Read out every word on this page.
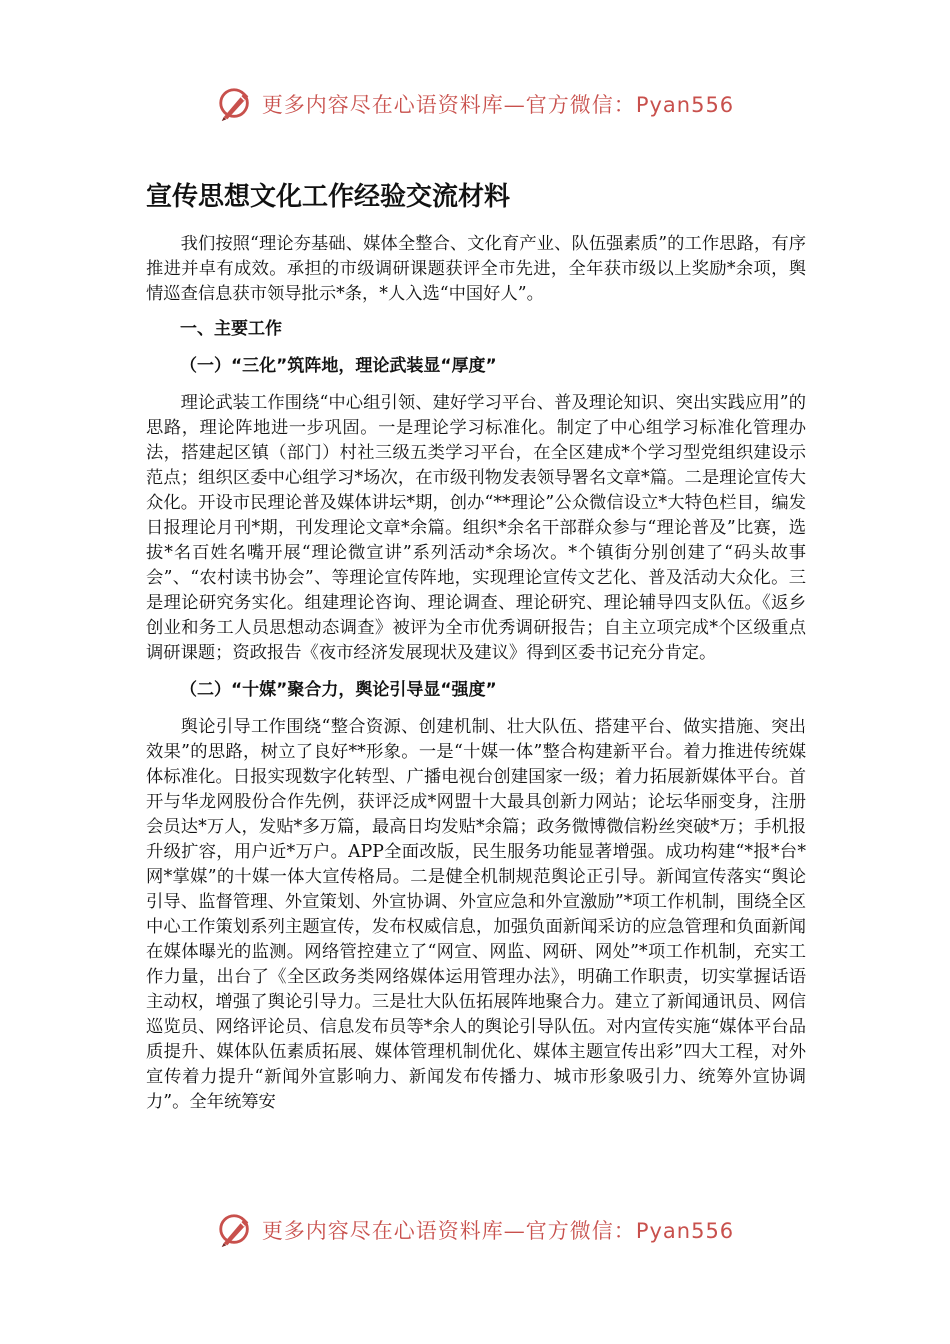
更多内容尽在心语资料库—官方微信：Pyan556
宣传思想文化工作经验交流材料

我们按照“理论夯基础、媒体全整合、文化育产业、队伍强素质”的工作思路，有序推进并卓有成效。承担的市级调研课题获评全市先进，全年获市级以上奖励*余项，舆情巡查信息获市领导批示*条，*人入选“中国好人”。

一、主要工作
（一）“三化”筑阵地，理论武装显“厚度”

理论武装工作围绕“中心组引领、建好学习平台、普及理论知识、突出实践应用”的思路，理论阵地进一步巩固。一是理论学习标准化。制定了中心组学习标准化管理办法，搭建起区镇（部门）村社三级五类学习平台，在全区建成*个学习型党组织建设示范点；组织区委中心组学习*场次，在市级刊物发表领导署名文章*篇。二是理论宣传大众化。开设市民理论普及媒体讲坛*期，创办“**理论”公众微信设立*大特色栏目，编发日报理论月刊*期，刊发理论文章*余篇。组织*余名干部群众参与“理论普及”比赛，选拔*名百姓名嘴开展“理论微宣讲”系列活动*余场次。*个镇街分别创建了“码头故事会”、“农村读书协会”、等理论宣传阵地，实现理论宣传文艺化、普及活动大众化。三是理论研究务实化。组建理论咨询、理论调查、理论研究、理论辅导四支队伍。《返乡创业和务工人员思想动态调查》被评为全市优秀调研报告；自主立项完成*个区级重点调研课题；资政报告《夜市经济发展现状及建议》得到区委书记充分肯定。

（二）“十媒”聚合力，舆论引导显“强度”

舆论引导工作围绕“整合资源、创建机制、壮大队伍、搭建平台、做实措施、突出效果”的思路，树立了良好**形象。一是“十媒一体”整合构建新平台。着力推进传统媒体标准化。日报实现数字化转型、广播电视台创建国家一级；着力拓展新媒体平台。首开与华龙网股份合作先例，获评泛成*网盟十大最具创新力网站；论坛华丽变身，注册会员达*万人，发贴*多万篇，最高日均发贴*余篇；政务微博微信粉丝突破*万；手机报升级扩容，用户近*万户。APP全面改版，民生服务功能显著增强。成功构建“*报*台*网*掌媒”的十媒一体大宣传格局。二是健全机制规范舆论正引导。新闻宣传落实“舆论引导、监督管理、外宣策划、外宣协调、外宣应急和外宣激励”*项工作机制，围绕全区中心工作策划系列主题宣传，发布权威信息，加强负面新闻采访的应急管理和负面新闻在媒体曝光的监测。网络管控建立了“网宣、网监、网研、网处”*项工作机制，充实工作力量，出台了《全区政务类网络媒体运用管理办法》，明确工作职责，切实掌握话语主动权，增强了舆论引导力。三是壮大队伍拓展阵地聚合力。建立了新闻通讯员、网信巡览员、网络评论员、信息发布员等*余人的舆论引导队伍。对内宣传实施“媒体平台品质提升、媒体队伍素质拓展、媒体管理机制优化、媒体主题宣传出彩”四大工程，对外宣传着力提升“新闻外宣影响力、新闻发布传播力、城市形象吸引力、统筹外宣协调力”。全年统筹安

更多内容尽在心语资料库—官方微信：Pyan556
